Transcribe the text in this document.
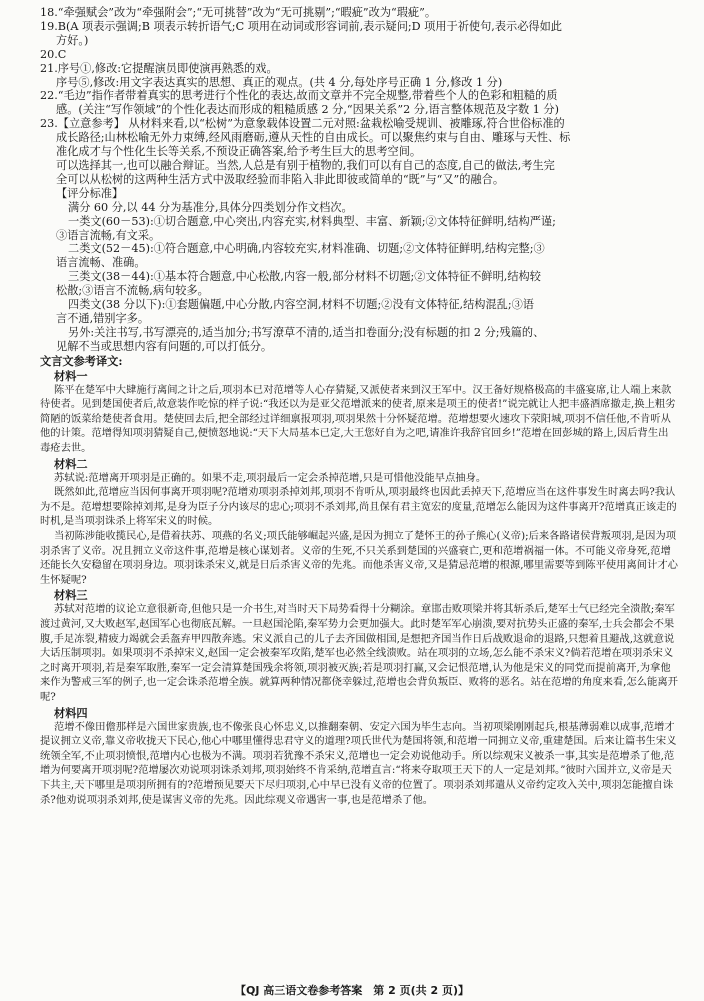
18.“牵强赋会”改为“牵强附会”;“无可挑替”改为“无可挑剔”;“暇疵”改为“瑕疵”。

19.B(A 项表示强调;B 项表示转折语气;C 项用在动词或形容词前,表示疑问;D 项用于祈使句,表示必得如此

方好。)

20.C

21.序号①,修改:它提醒演员即使演再熟悉的戏。

序号⑤,修改:用文字表达真实的思想、真正的观点。(共 4 分,每处序号正确 1 分,修改 1 分)

22.“毛边”指作者带着真实的思考进行个性化的表达,故而文章并不完全规整,带着些个人的色彩和粗糙的质

感。(关注“写作领域”的个性化表达而形成的粗糙质感 2 分,“因果关系”2 分,语言整体规范及字数 1 分)

23.【立意参考】 从材料来看,以“松树”为意象载体设置二元对照:盆栽松喻受规训、被雕琢,符合世俗标准的

成长路径;山林松喻无外力束缚,经风雨磨砺,遵从天性的自由成长。可以聚焦约束与自由、雕琢与天性、标

准化成才与个性化生长等关系,不预设正确答案,给予考生巨大的思考空间。

可以选择其一,也可以融合辩证。当然,人总是有别于植物的,我们可以有自己的态度,自己的做法,考生完

全可以从松树的这两种生活方式中汲取经验而非陷入非此即彼或简单的“既”与“又”的融合。

【评分标准】

满分 60 分,以 44 分为基准分,具体分四类划分作文档次。

一类文(60－53):①切合题意,中心突出,内容充实,材料典型、丰富、新颖;②文体特征鲜明,结构严谨;

③语言流畅,有文采。

二类文(52－45):①符合题意,中心明确,内容较充实,材料准确、切题;②文体特征鲜明,结构完整;③

语言流畅、准确。

三类文(38－44):①基本符合题意,中心松散,内容一般,部分材料不切题;②文体特征不鲜明,结构较

松散;③语言不流畅,病句较多。

四类文(38 分以下):①套题偏题,中心分散,内容空洞,材料不切题;②没有文体特征,结构混乱;③语

言不通,错别字多。

另外:关注书写,书写漂亮的,适当加分;书写潦草不清的,适当扣卷面分;没有标题的扣 2 分;残篇的、

见解不当或思想内容有问题的,可以打低分。

文言文参考译文:
材料一

陈平在楚军中大肆施行离间之计之后,项羽本已对范增等人心存猜疑,又派使者来到汉王军中。汉王备好规格极高的丰盛宴席,让人端上来款待使者。见到楚国使者后,故意装作吃惊的样子说:“我还以为是亚父范增派来的使者,原来是项王的使者!”说完就让人把丰盛酒席撤走,换上粗劣简陋的饭菜给楚使者食用。楚使回去后,把全部经过详细禀报项羽,项羽果然十分怀疑范增。范增想要火速攻下荥阳城,项羽不信任他,不肯听从他的计策。范增得知项羽猜疑自己,便愤怒地说:“天下大局基本已定,大王您好自为之吧,请准许我辞官回乡!”范增在回彭城的路上,因后背生出毒疮去世。

材料二

苏轼说:范增离开项羽是正确的。如果不走,项羽最后一定会杀掉范增,只是可惜他没能早点抽身。

既然如此,范增应当因何事离开项羽呢?范增劝项羽杀掉刘邦,项羽不肯听从,项羽最终也因此丢掉天下,范增应当在这件事发生时离去吗?我认为不是。范增想要除掉刘邦,是身为臣子分内该尽的忠心;项羽不杀刘邦,尚且保有君主宽宏的度量,范增怎么能因为这件事离开?范增真正该走的时机,是当项羽诛杀上将军宋义的时候。

当初陈涉能收揽民心,是借着扶苏、项燕的名义;项氏能够崛起兴盛,是因为拥立了楚怀王的孙子熊心(义帝);后来各路诸侯背叛项羽,是因为项羽杀害了义帝。况且拥立义帝这件事,范增是核心谋划者。义帝的生死,不只关系到楚国的兴盛衰亡,更和范增祸福一体。不可能义帝身死,范增还能长久安稳留在项羽身边。项羽诛杀宋义,就是日后杀害义帝的先兆。而他杀害义帝,又是猜忌范增的根源,哪里需要等到陈平使用离间计才心生怀疑呢?

材料三

苏轼对范增的议论立意很新奇,但他只是一介书生,对当时天下局势看得十分糊涂。章邯击败项梁并将其斩杀后,楚军士气已经完全溃散;秦军渡过黄河,又大败赵军,赵国军心也彻底瓦解。一旦赵国沦陷,秦军势力会更加强大。此时楚军军心崩溃,要对抗势头正盛的秦军,士兵会都会不果腹,手足冻裂,精疲力竭就会丢盔弃甲四散奔逃。宋义派自己的儿子去齐国做相国,是想把齐国当作日后战败退命的退路,只想着且避战,这就意说大话压制项羽。如果项羽不杀掉宋义,赵国一定会被秦军攻陷,楚军也必然全线溃败。站在项羽的立场,怎么能不杀宋义?倘若范增在项羽杀宋义之时离开项羽,若是秦军取胜,秦军一定会清算楚国残余将领,项羽被灭族;若是项羽打赢,又会记恨范增,认为他是宋义的同党而提前离开,为拿他来作为警戒三军的例子,也一定会诛杀范增全族。就算两种情况都侥幸躲过,范增也会背负叛臣、败将的恶名。站在范增的角度来看,怎么能离开呢?

材料四

范增不像田儋那样是六国世家贵族,也不像张良心怀忠义,以推翻秦朝、安定六国为毕生志向。当初项梁刚刚起兵,根基薄弱难以成事,范增才提议拥立义帝,靠义帝收拢天下民心,他心中哪里懂得忠君守义的道理?项氏世代为楚国将领,和范增一同拥立义帝,重建楚国。后来让篇书生宋义统领全军,不止项羽愤恨,范增内心也极为不满。项羽若犹豫不杀宋义,范增也一定会劝说他动手。所以综观宋义被杀一事,其实是范增杀了他,范增为何要离开项羽呢?范增屡次劝说项羽诛杀刘邦,项羽始终不肯采纳,范增直言:“将来夺取项王天下的人一定是刘邦。”彼时六国并立,义帝是天下共主,天下哪里是项羽所拥有的?范增预见要天下尽归项羽,心中早已没有义帝的位置了。项羽杀刘邦遣从义帝约定攻入关中,项羽怎能擅自诛杀?他劝说项羽杀刘邦,使是谋害义帝的先兆。因此综观义帝遇害一事,也是范增杀了他。

【QJ 高三语文卷参考答案　第 2 页(共 2 页)】
